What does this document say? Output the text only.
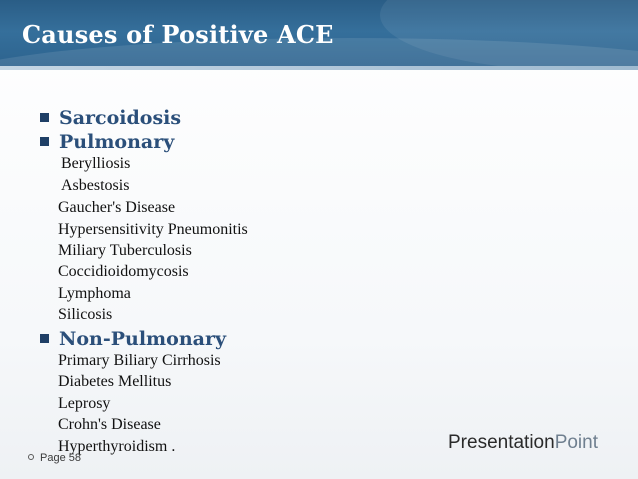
Causes of Positive ACE
Sarcoidosis
Pulmonary
Berylliosis
Asbestosis
Gaucher's Disease
Hypersensitivity Pneumonitis
Miliary Tuberculosis
Coccidioidomycosis
Lymphoma
Silicosis
Non-Pulmonary
Primary Biliary Cirrhosis
Diabetes Mellitus
Leprosy
Crohn's Disease
Hyperthyroidism .
Page 58
PresentationPoint
